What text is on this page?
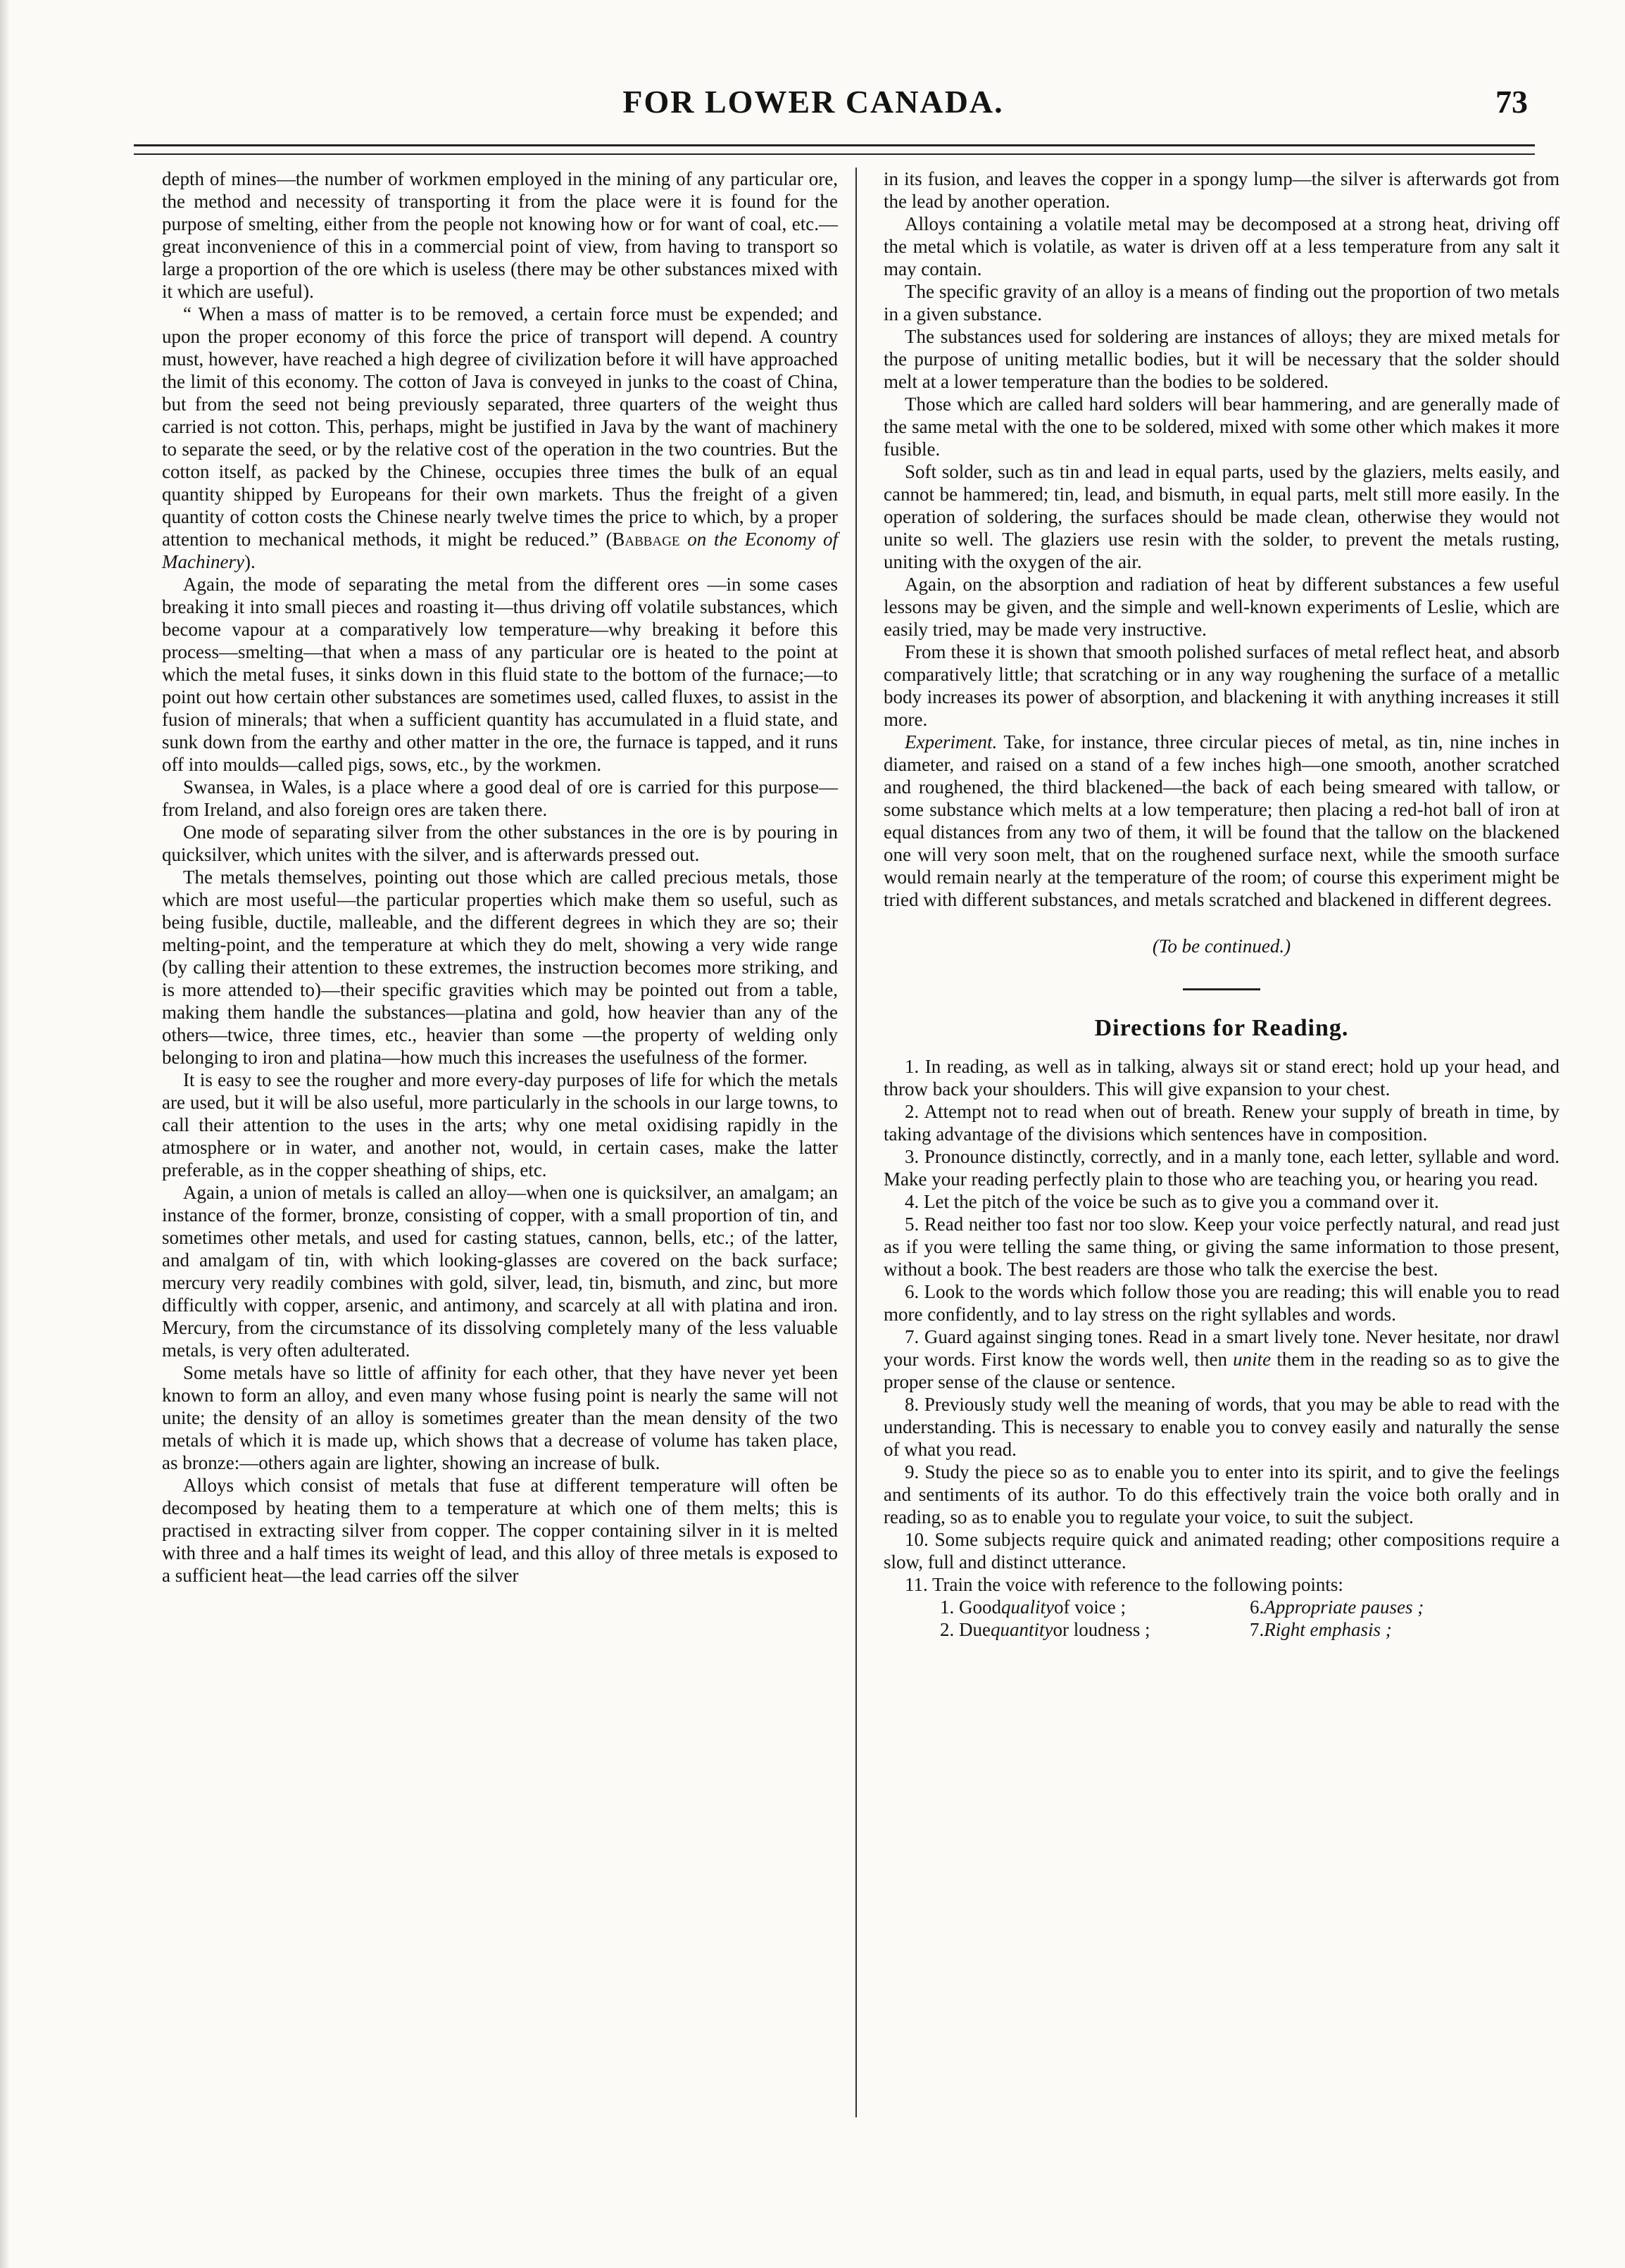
FOR LOWER CANADA.	73

depth of mines—the number of workmen employed in the mining of any particular ore, the method and necessity of transporting it from the place were it is found for the purpose of smelting, either from the people not knowing how or for want of coal, etc.—great inconvenience of this in a commercial point of view, from having to transport so large a proportion of the ore which is useless (there may be other substances mixed with it which are useful).

“ When a mass of matter is to be removed, a certain force must be expended; and upon the proper economy of this force the price of transport will depend. A country must, however, have reached a high degree of civilization before it will have approached the limit of this economy. The cotton of Java is conveyed in junks to the coast of China, but from the seed not being previously separated, three quarters of the weight thus carried is not cotton. This, perhaps, might be justified in Java by the want of machinery to separate the seed, or by the relative cost of the operation in the two countries. But the cotton itself, as packed by the Chinese, occupies three times the bulk of an equal quantity shipped by Europeans for their own markets. Thus the freight of a given quantity of cotton costs the Chinese nearly twelve times the price to which, by a proper attention to mechanical methods, it might be reduced.” (Babbage on the Economy of Machinery).

Again, the mode of separating the metal from the different ores —in some cases breaking it into small pieces and roasting it—thus driving off volatile substances, which become vapour at a comparatively low temperature—why breaking it before this process—smelting—that when a mass of any particular ore is heated to the point at which the metal fuses, it sinks down in this fluid state to the bottom of the furnace;—to point out how certain other substances are sometimes used, called fluxes, to assist in the fusion of minerals; that when a sufficient quantity has accumulated in a fluid state, and sunk down from the earthy and other matter in the ore, the furnace is tapped, and it runs off into moulds—called pigs, sows, etc., by the workmen.

Swansea, in Wales, is a place where a good deal of ore is carried for this purpose—from Ireland, and also foreign ores are taken there.

One mode of separating silver from the other substances in the ore is by pouring in quicksilver, which unites with the silver, and is afterwards pressed out.

The metals themselves, pointing out those which are called precious metals, those which are most useful—the particular properties which make them so useful, such as being fusible, ductile, malleable, and the different degrees in which they are so; their melting-point, and the temperature at which they do melt, showing a very wide range (by calling their attention to these extremes, the instruction becomes more striking, and is more attended to)—their specific gravities which may be pointed out from a table, making them handle the substances—platina and gold, how heavier than any of the others—twice, three times, etc., heavier than some —the property of welding only belonging to iron and platina—how much this increases the usefulness of the former.

It is easy to see the rougher and more every-day purposes of life for which the metals are used, but it will be also useful, more particularly in the schools in our large towns, to call their attention to the uses in the arts; why one metal oxidising rapidly in the atmosphere or in water, and another not, would, in certain cases, make the latter preferable, as in the copper sheathing of ships, etc.

Again, a union of metals is called an alloy—when one is quicksilver, an amalgam; an instance of the former, bronze, consisting of copper, with a small proportion of tin, and sometimes other metals, and used for casting statues, cannon, bells, etc.; of the latter, and amalgam of tin, with which looking-glasses are covered on the back surface; mercury very readily combines with gold, silver, lead, tin, bismuth, and zinc, but more difficultly with copper, arsenic, and antimony, and scarcely at all with platina and iron. Mercury, from the circumstance of its dissolving completely many of the less valuable metals, is very often adulterated.

Some metals have so little of affinity for each other, that they have never yet been known to form an alloy, and even many whose fusing point is nearly the same will not unite; the density of an alloy is sometimes greater than the mean density of the two metals of which it is made up, which shows that a decrease of volume has taken place, as bronze:—others again are lighter, showing an increase of bulk.

Alloys which consist of metals that fuse at different temperature will often be decomposed by heating them to a temperature at which one of them melts; this is practised in extracting silver from copper. The copper containing silver in it is melted with three and a half times its weight of lead, and this alloy of three metals is exposed to a sufficient heat—the lead carries off the silver

in its fusion, and leaves the copper in a spongy lump—the silver is afterwards got from the lead by another operation.

Alloys containing a volatile metal may be decomposed at a strong heat, driving off the metal which is volatile, as water is driven off at a less temperature from any salt it may contain.

The specific gravity of an alloy is a means of finding out the proportion of two metals in a given substance.

The substances used for soldering are instances of alloys; they are mixed metals for the purpose of uniting metallic bodies, but it will be necessary that the solder should melt at a lower temperature than the bodies to be soldered.

Those which are called hard solders will bear hammering, and are generally made of the same metal with the one to be soldered, mixed with some other which makes it more fusible.

Soft solder, such as tin and lead in equal parts, used by the glaziers, melts easily, and cannot be hammered; tin, lead, and bismuth, in equal parts, melt still more easily. In the operation of soldering, the surfaces should be made clean, otherwise they would not unite so well. The glaziers use resin with the solder, to prevent the metals rusting, uniting with the oxygen of the air.

Again, on the absorption and radiation of heat by different substances a few useful lessons may be given, and the simple and well-known experiments of Leslie, which are easily tried, may be made very instructive.

From these it is shown that smooth polished surfaces of metal reflect heat, and absorb comparatively little; that scratching or in any way roughening the surface of a metallic body increases its power of absorption, and blackening it with anything increases it still more.

Experiment. Take, for instance, three circular pieces of metal, as tin, nine inches in diameter, and raised on a stand of a few inches high—one smooth, another scratched and roughened, the third blackened—the back of each being smeared with tallow, or some substance which melts at a low temperature; then placing a red-hot ball of iron at equal distances from any two of them, it will be found that the tallow on the blackened one will very soon melt, that on the roughened surface next, while the smooth surface would remain nearly at the temperature of the room; of course this experiment might be tried with different substances, and metals scratched and blackened in different degrees.

(To be continued.)

Directions for Reading.

1. In reading, as well as in talking, always sit or stand erect; hold up your head, and throw back your shoulders. This will give expansion to your chest.

2. Attempt not to read when out of breath. Renew your supply of breath in time, by taking advantage of the divisions which sentences have in composition.

3. Pronounce distinctly, correctly, and in a manly tone, each letter, syllable and word. Make your reading perfectly plain to those who are teaching you, or hearing you read.

4. Let the pitch of the voice be such as to give you a command over it.

5. Read neither too fast nor too slow. Keep your voice perfectly natural, and read just as if you were telling the same thing, or giving the same information to those present, without a book. The best readers are those who talk the exercise the best.

6. Look to the words which follow those you are reading; this will enable you to read more confidently, and to lay stress on the right syllables and words.

7. Guard against singing tones. Read in a smart lively tone. Never hesitate, nor drawl your words. First know the words well, then unite them in the reading so as to give the proper sense of the clause or sentence.

8. Previously study well the meaning of words, that you may be able to read with the understanding. This is necessary to enable you to convey easily and naturally the sense of what you read.

9. Study the piece so as to enable you to enter into its spirit, and to give the feelings and sentiments of its author. To do this effectively train the voice both orally and in reading, so as to enable you to regulate your voice, to suit the subject.

10. Some subjects require quick and animated reading; other compositions require a slow, full and distinct utterance.

11. Train the voice with reference to the following points:

1. Goodqualityof voice ;	6.Appropriate pauses ;
2. Duequantityor loudness ;	7.Right emphasis ;
